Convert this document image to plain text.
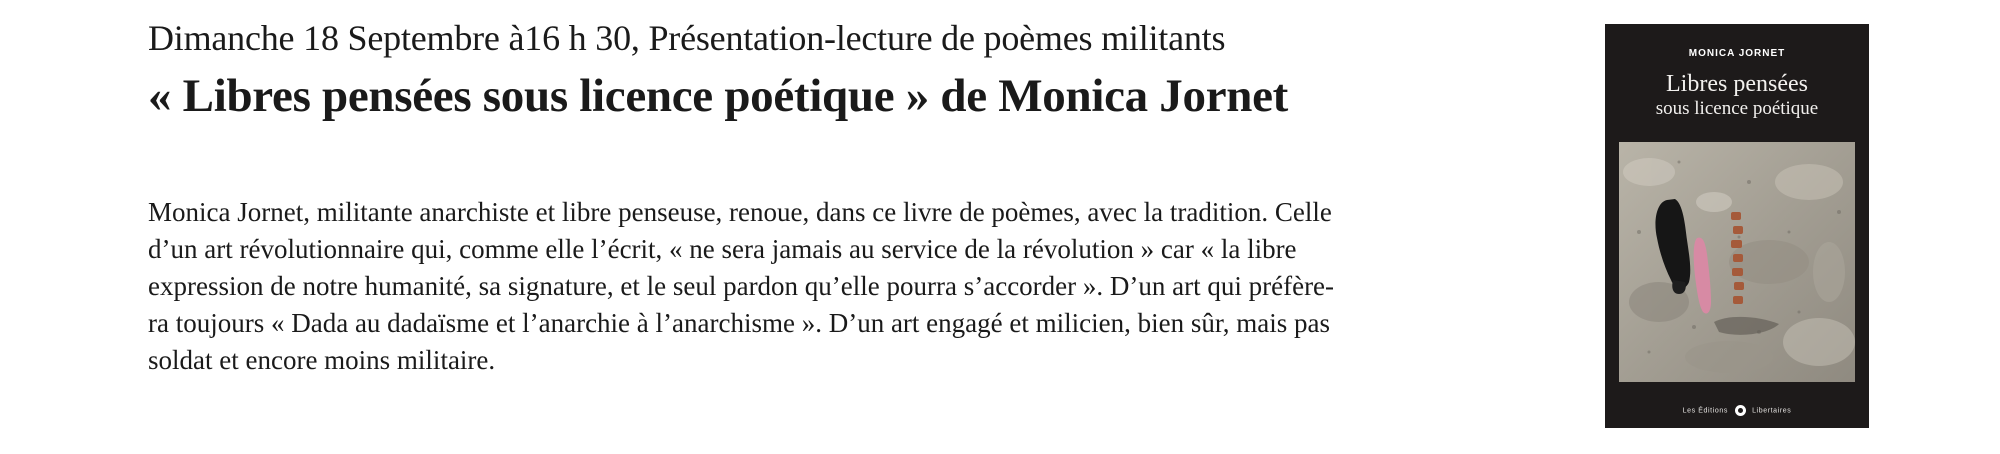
Dimanche 18 Septembre à16 h 30, Présentation-lecture de poèmes militants
« Libres pensées sous licence poétique » de Monica Jornet

Monica Jornet, militante anarchiste et libre penseuse, renoue, dans ce livre de poèmes, avec la tradition. Celle
d’un art révolutionnaire qui, comme elle l’écrit, « ne sera jamais au service de la révolution » car « la libre
expression de notre humanité, sa signature, et le seul pardon qu’elle pourra s’accorder ». D’un art qui préfère-
ra toujours « Dada au dadaïsme et l’anarchie à l’anarchisme ». D’un art engagé et milicien, bien sûr, mais pas
soldat et encore moins militaire.

MONICA JORNET
Libres pensées
sous licence poétique
Les Éditions	Libertaires
